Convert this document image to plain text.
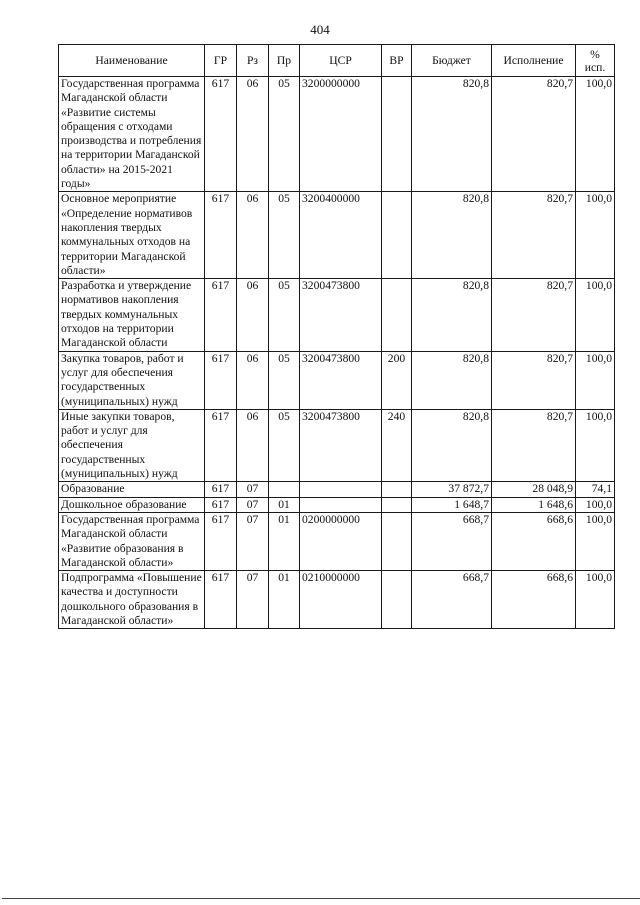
404
Наименование	ГР	Рз	Пр	ЦСР	ВР	Бюджет	Исполнение	%
исп.
Государственная программа Магаданской области «Развитие системы обращения с отходами производства и потребления на территории Магаданской области» на 2015-2021 годы»	617	06	05	3200000000		820,8	820,7	100,0
Основное мероприятие «Определение нормативов накопления твердых коммунальных отходов на территории Магаданской области»	617	06	05	3200400000		820,8	820,7	100,0
Разработка и утверждение нормативов накопления твердых коммунальных отходов на территории Магаданской области	617	06	05	3200473800		820,8	820,7	100,0
Закупка товаров, работ и услуг для обеспечения государственных (муниципальных) нужд	617	06	05	3200473800	200	820,8	820,7	100,0
Иные закупки товаров, работ и услуг для обеспечения государственных (муниципальных) нужд	617	06	05	3200473800	240	820,8	820,7	100,0
Образование	617	07				37 872,7	28 048,9	74,1
Дошкольное образование	617	07	01			1 648,7	1 648,6	100,0
Государственная программа Магаданской области «Развитие образования в Магаданской области»	617	07	01	0200000000		668,7	668,6	100,0
Подпрограмма «Повышение качества и доступности дошкольного образования в Магаданской области»	617	07	01	0210000000		668,7	668,6	100,0
